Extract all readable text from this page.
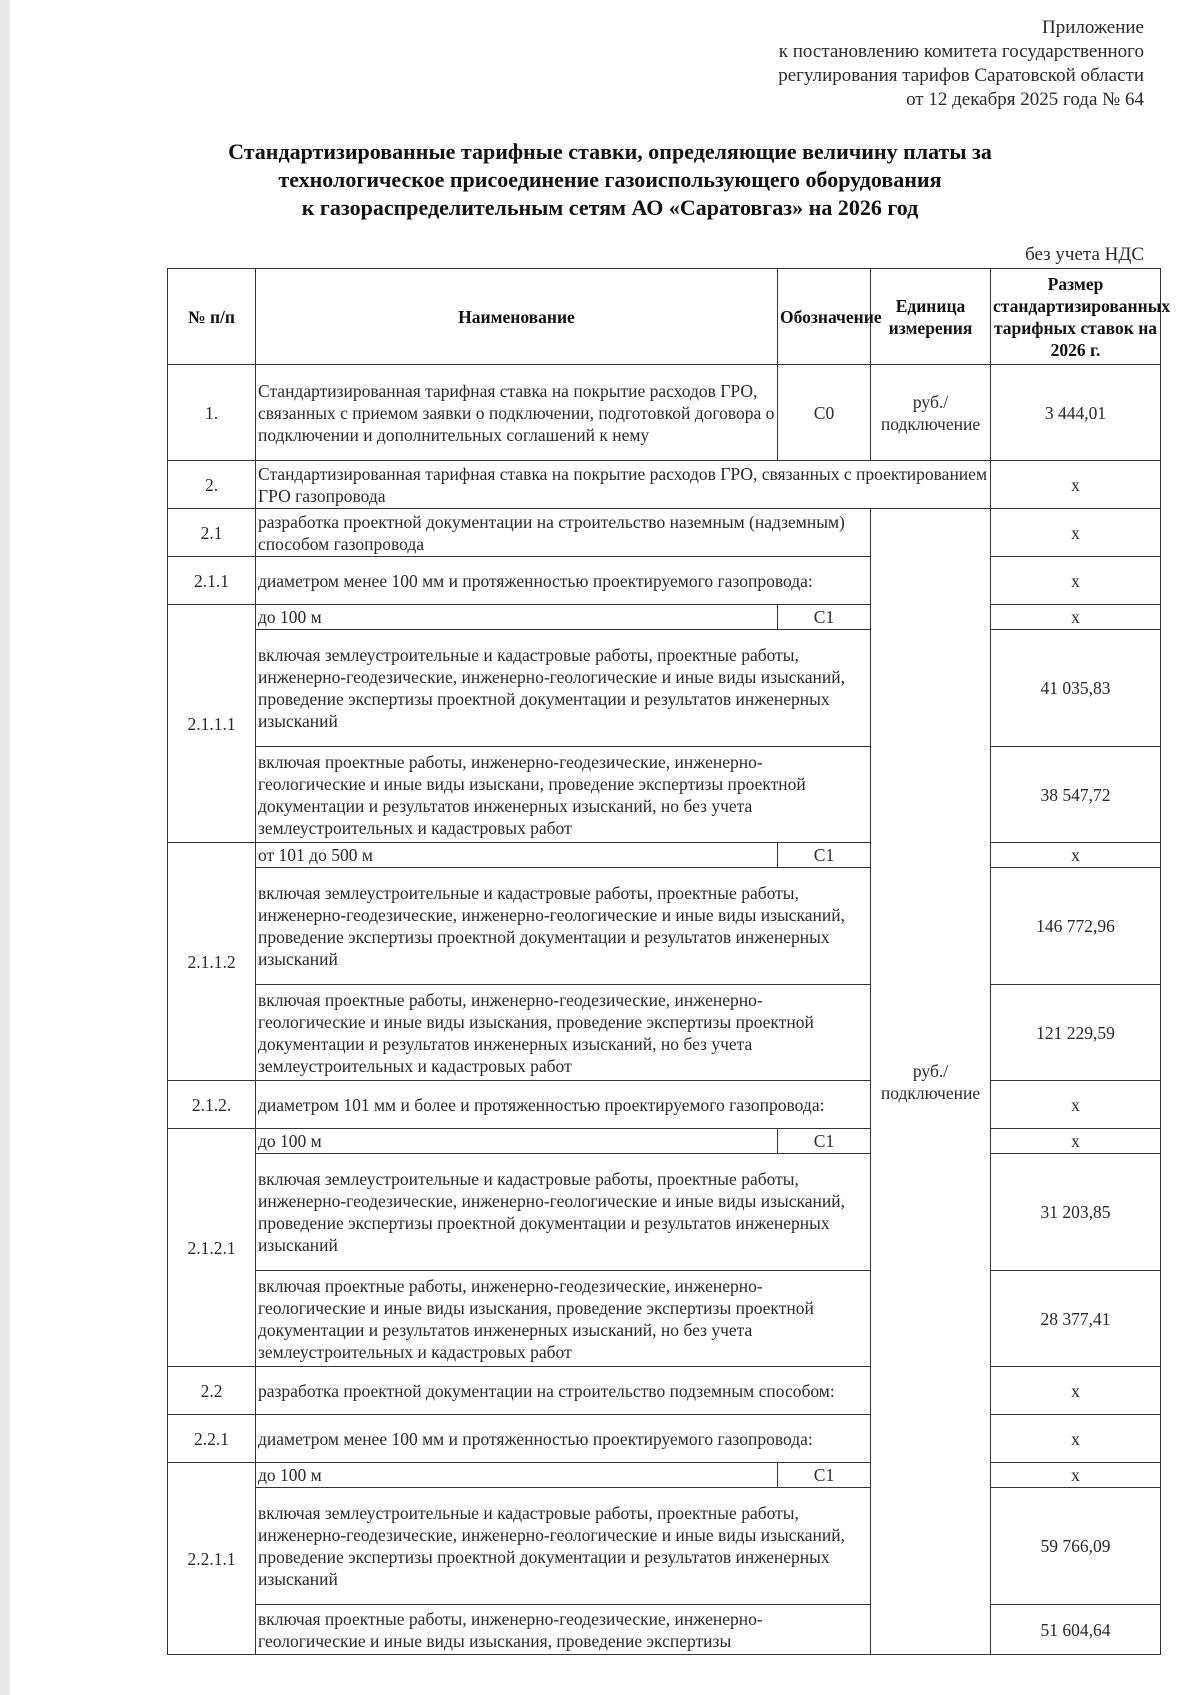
Приложение
к постановлению комитета государственного
регулирования тарифов Саратовской области
от 12 декабря 2025 года № 64
Стандартизированные тарифные ставки, определяющие величину платы за
технологическое присоединение газоиспользующего оборудования
к газораспределительным сетям АО «Саратовгаз» на 2026 год
без учета НДС
№ п/п	Наименование	Обозначение	Единица измерения	Размер стандартизированных тарифных ставок на 2026 г.
1.	Стандартизированная тарифная ставка на покрытие расходов ГРО, связанных с приемом заявки о подключении, подготовкой договора о подключении и дополнительных соглашений к нему	С0	руб./подключение	3 444,01
2.	Стандартизированная тарифная ставка на покрытие расходов ГРО, связанных с проектированием ГРО газопровода			х
2.1	разработка проектной документации на строительство наземным (надземным) способом газопровода		руб./подключение	х
2.1.1	диаметром менее 100 мм и протяженностью проектируемого газопровода:			х
2.1.1.1	до 100 м	С1		х
	включая землеустроительные и кадастровые работы, проектные работы, инженерно-геодезические, инженерно-геологические и иные виды изысканий, проведение экспертизы проектной документации и результатов инженерных изысканий			41 035,83
	включая проектные работы, инженерно-геодезические, инженерно-геологические и иные виды изыскани, проведение экспертизы проектной документации и результатов инженерных изысканий, но без учета землеустроительных и кадастровых работ			38 547,72
2.1.1.2	от 101 до 500 м	С1		х
	включая землеустроительные и кадастровые работы, проектные работы, инженерно-геодезические, инженерно-геологические и иные виды изысканий, проведение экспертизы проектной документации и результатов инженерных изысканий			146 772,96
	включая проектные работы, инженерно-геодезические, инженерно-геологические и иные виды изыскания, проведение экспертизы проектной документации и результатов инженерных изысканий, но без учета землеустроительных и кадастровых работ			121 229,59
2.1.2.	диаметром 101 мм и более и протяженностью проектируемого газопровода:			х
2.1.2.1	до 100 м	С1		х
	включая землеустроительные и кадастровые работы, проектные работы, инженерно-геодезические, инженерно-геологические и иные виды изысканий, проведение экспертизы проектной документации и результатов инженерных изысканий			31 203,85
	включая проектные работы, инженерно-геодезические, инженерно-геологические и иные виды изыскания, проведение экспертизы проектной документации и результатов инженерных изысканий, но без учета землеустроительных и кадастровых работ			28 377,41
2.2	разработка проектной документации на строительство подземным способом:			х
2.2.1	диаметром менее 100 мм и протяженностью проектируемого газопровода:			х
2.2.1.1	до 100 м	С1		х
	включая землеустроительные и кадастровые работы, проектные работы, инженерно-геодезические, инженерно-геологические и иные виды изысканий, проведение экспертизы проектной документации и результатов инженерных изысканий			59 766,09
	включая проектные работы, инженерно-геодезические, инженерно-геологические и иные виды изыскания, проведение экспертизы			51 604,64
